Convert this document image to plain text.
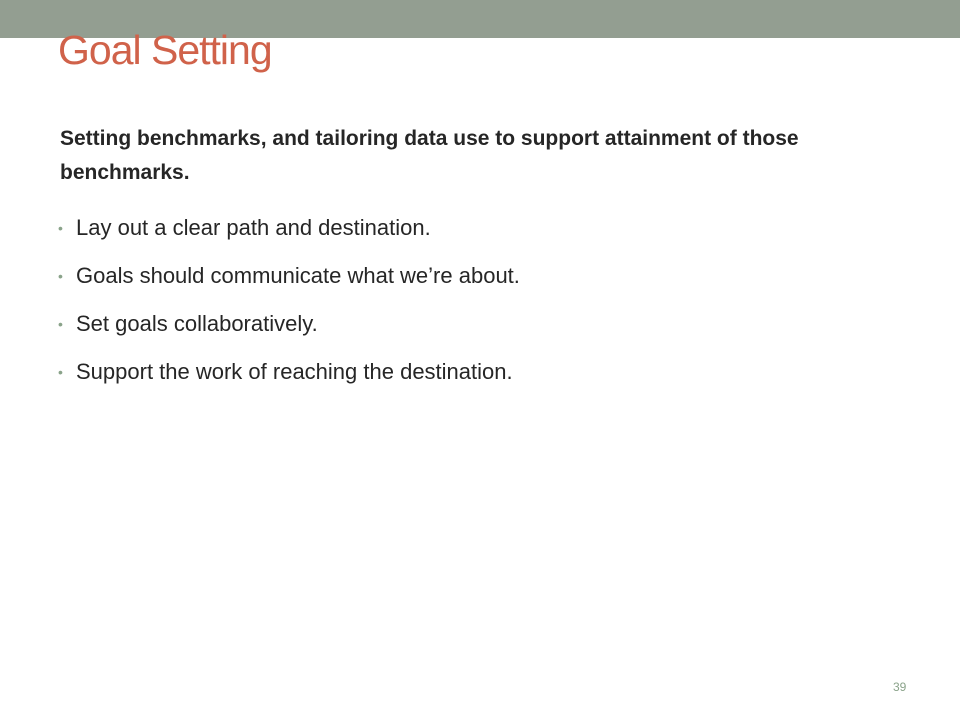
Goal Setting

Setting benchmarks, and tailoring data use to support attainment of those benchmarks.

• Lay out a clear path and destination.
• Goals should communicate what we’re about.
• Set goals collaboratively.
• Support the work of reaching the destination.
39
